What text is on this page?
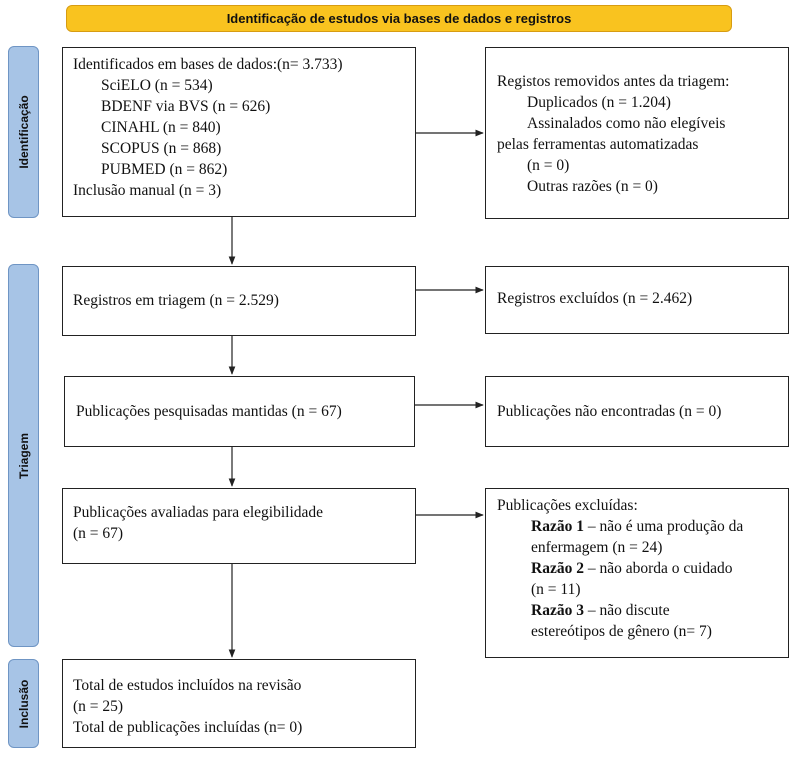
Identificação de estudos via bases de dados e registros
Identificação
Triagem
Inclusão
Identificados em bases de dados:(n= 3.733)
SciELO (n = 534)
BDENF via BVS (n = 626)
CINAHL (n = 840)
SCOPUS (n = 868)
PUBMED (n = 862)
Inclusão manual (n = 3)
Registos removidos antes da triagem:
Duplicados (n = 1.204)
Assinalados como não elegíveis
pelas ferramentas automatizadas
(n = 0)
Outras razões (n = 0)
Registros em triagem (n = 2.529)	Registros excluídos (n = 2.462)
Publicações pesquisadas mantidas (n = 67)	Publicações não encontradas (n = 0)
Publicações avaliadas para elegibilidade
(n = 67)
Publicações excluídas:
Razão 1 – não é uma produção da
enfermagem (n = 24)
Razão 2 – não aborda o cuidado
(n = 11)
Razão 3 – não discute
estereótipos de gênero (n= 7)
Total de estudos incluídos na revisão
(n = 25)
Total de publicações incluídas (n= 0)
